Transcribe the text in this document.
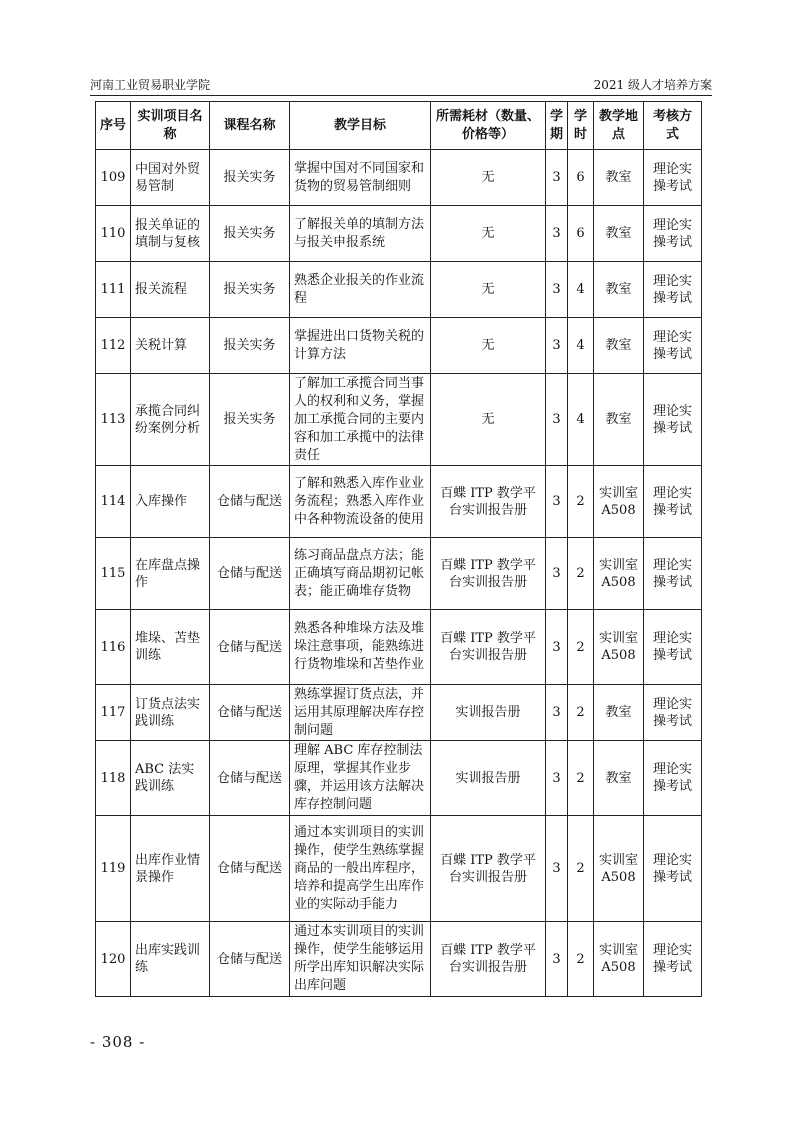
河南工业贸易职业学院	2021 级人才培养方案
序号	实训项目名称	课程名称	教学目标	所需耗材（数量、价格等）	学期	学时	教学地点	考核方式
109	中国对外贸易管制	报关实务	掌握中国对不同国家和货物的贸易管制细则	无	3	6	教室	理论实操考试
110	报关单证的填制与复核	报关实务	了解报关单的填制方法与报关申报系统	无	3	6	教室	理论实操考试
111	报关流程	报关实务	熟悉企业报关的作业流程	无	3	4	教室	理论实操考试
112	关税计算	报关实务	掌握进出口货物关税的计算方法	无	3	4	教室	理论实操考试
113	承揽合同纠纷案例分析	报关实务	了解加工承揽合同当事人的权利和义务，掌握加工承揽合同的主要内容和加工承揽中的法律责任	无	3	4	教室	理论实操考试
114	入库操作	仓储与配送	了解和熟悉入库作业业务流程；熟悉入库作业中各种物流设备的使用	百蝶 ITP 教学平台实训报告册	3	2	实训室A508	理论实操考试
115	在库盘点操作	仓储与配送	练习商品盘点方法；能正确填写商品期初记帐表；能正确堆存货物	百蝶 ITP 教学平台实训报告册	3	2	实训室A508	理论实操考试
116	堆垛、苫垫训练	仓储与配送	熟悉各种堆垛方法及堆垛注意事项，能熟练进行货物堆垛和苫垫作业	百蝶 ITP 教学平台实训报告册	3	2	实训室A508	理论实操考试
117	订货点法实践训练	仓储与配送	熟练掌握订货点法，并运用其原理解决库存控制问题	实训报告册	3	2	教室	理论实操考试
118	ABC 法实践训练	仓储与配送	理解 ABC 库存控制法原理，掌握其作业步骤，并运用该方法解决库存控制问题	实训报告册	3	2	教室	理论实操考试
119	出库作业情景操作	仓储与配送	通过本实训项目的实训操作，使学生熟练掌握商品的一般出库程序，培养和提高学生出库作业的实际动手能力	百蝶 ITP 教学平台实训报告册	3	2	实训室A508	理论实操考试
120	出库实践训练	仓储与配送	通过本实训项目的实训操作，使学生能够运用所学出库知识解决实际出库问题	百蝶 ITP 教学平台实训报告册	3	2	实训室A508	理论实操考试
- 308 -
